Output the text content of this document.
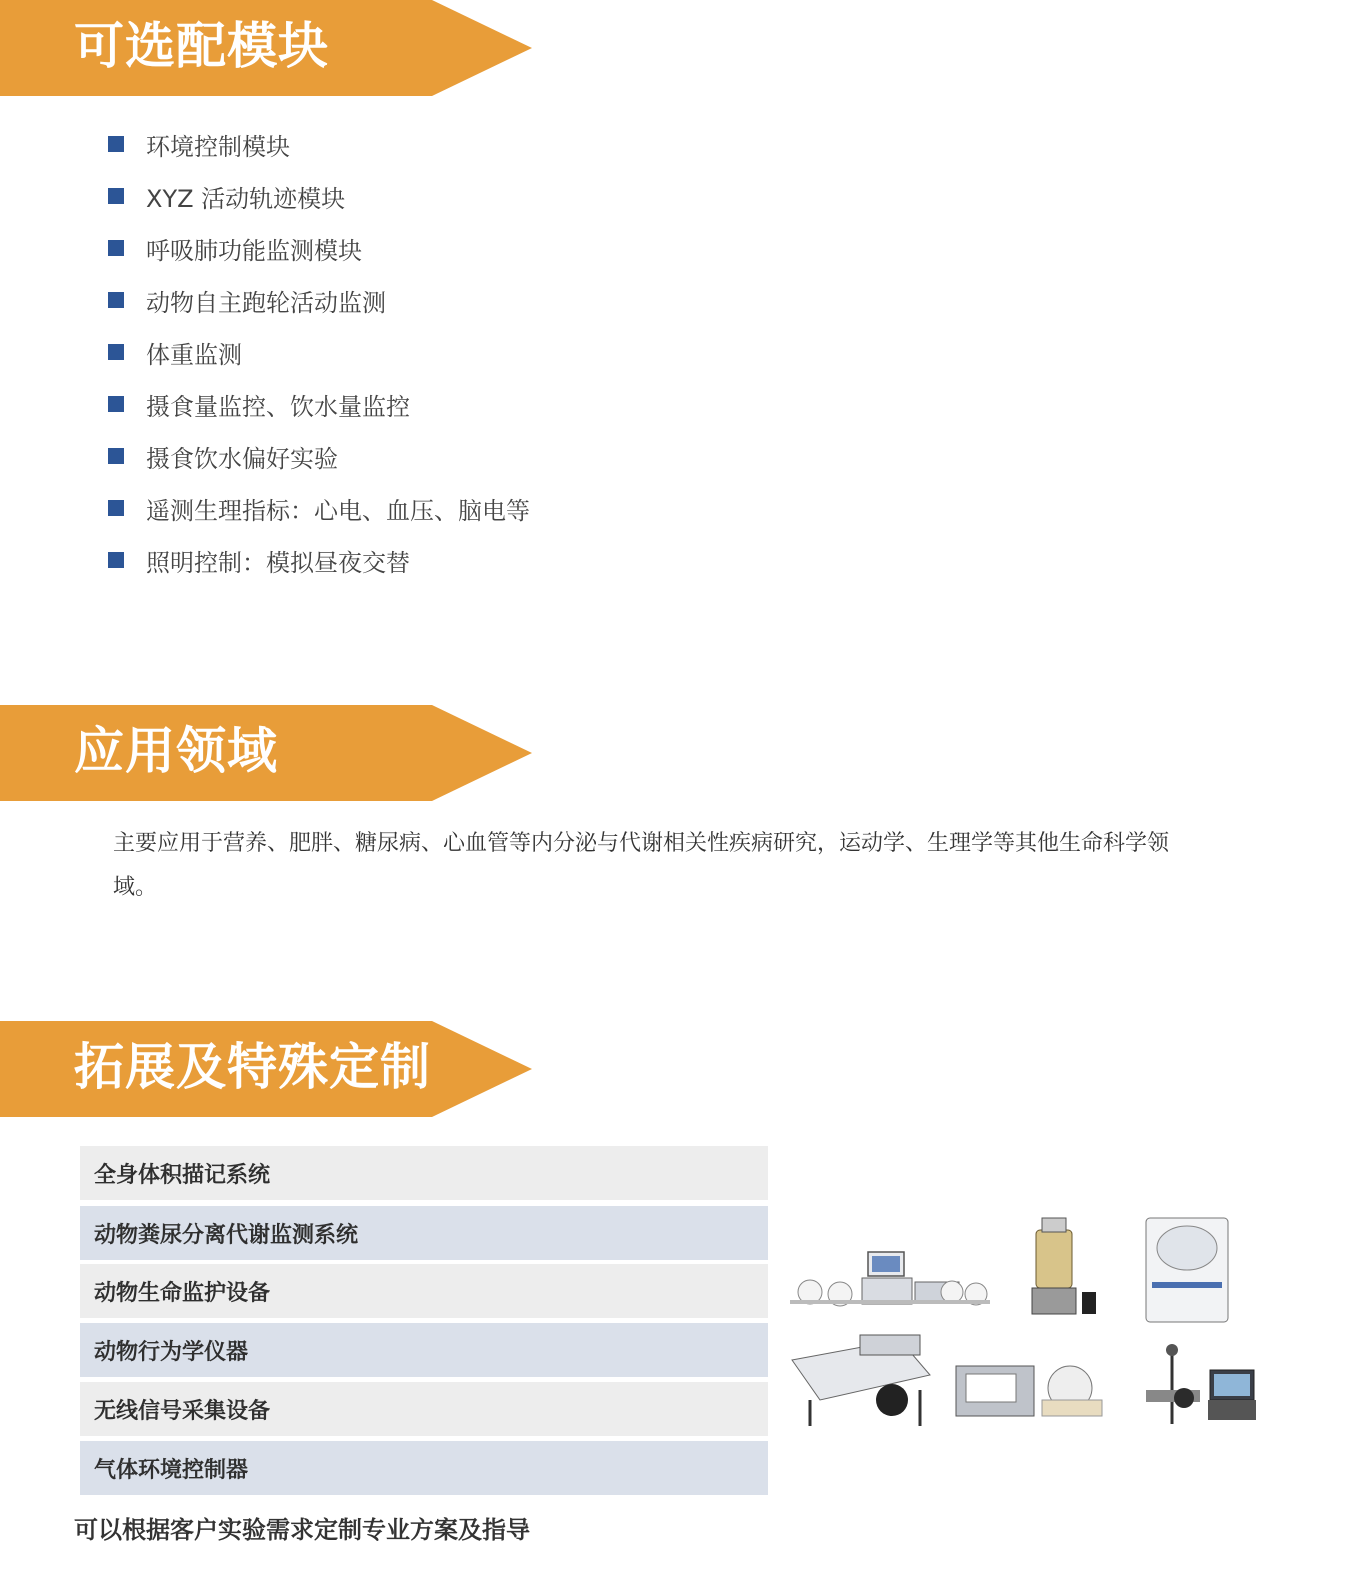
可选配模块
环境控制模块
XYZ 活动轨迹模块
呼吸肺功能监测模块
动物自主跑轮活动监测
体重监测
摄食量监控、饮水量监控
摄食饮水偏好实验
遥测生理指标：心电、血压、脑电等
照明控制：模拟昼夜交替
应用领域

主要应用于营养、肥胖、糖尿病、心血管等内分泌与代谢相关性疾病研究，运动学、生理学等其他生命科学领域。

拓展及特殊定制
全身体积描记系统
动物粪尿分离代谢监测系统
动物生命监护设备
动物行为学仪器
无线信号采集设备
气体环境控制器
可以根据客户实验需求定制专业方案及指导
